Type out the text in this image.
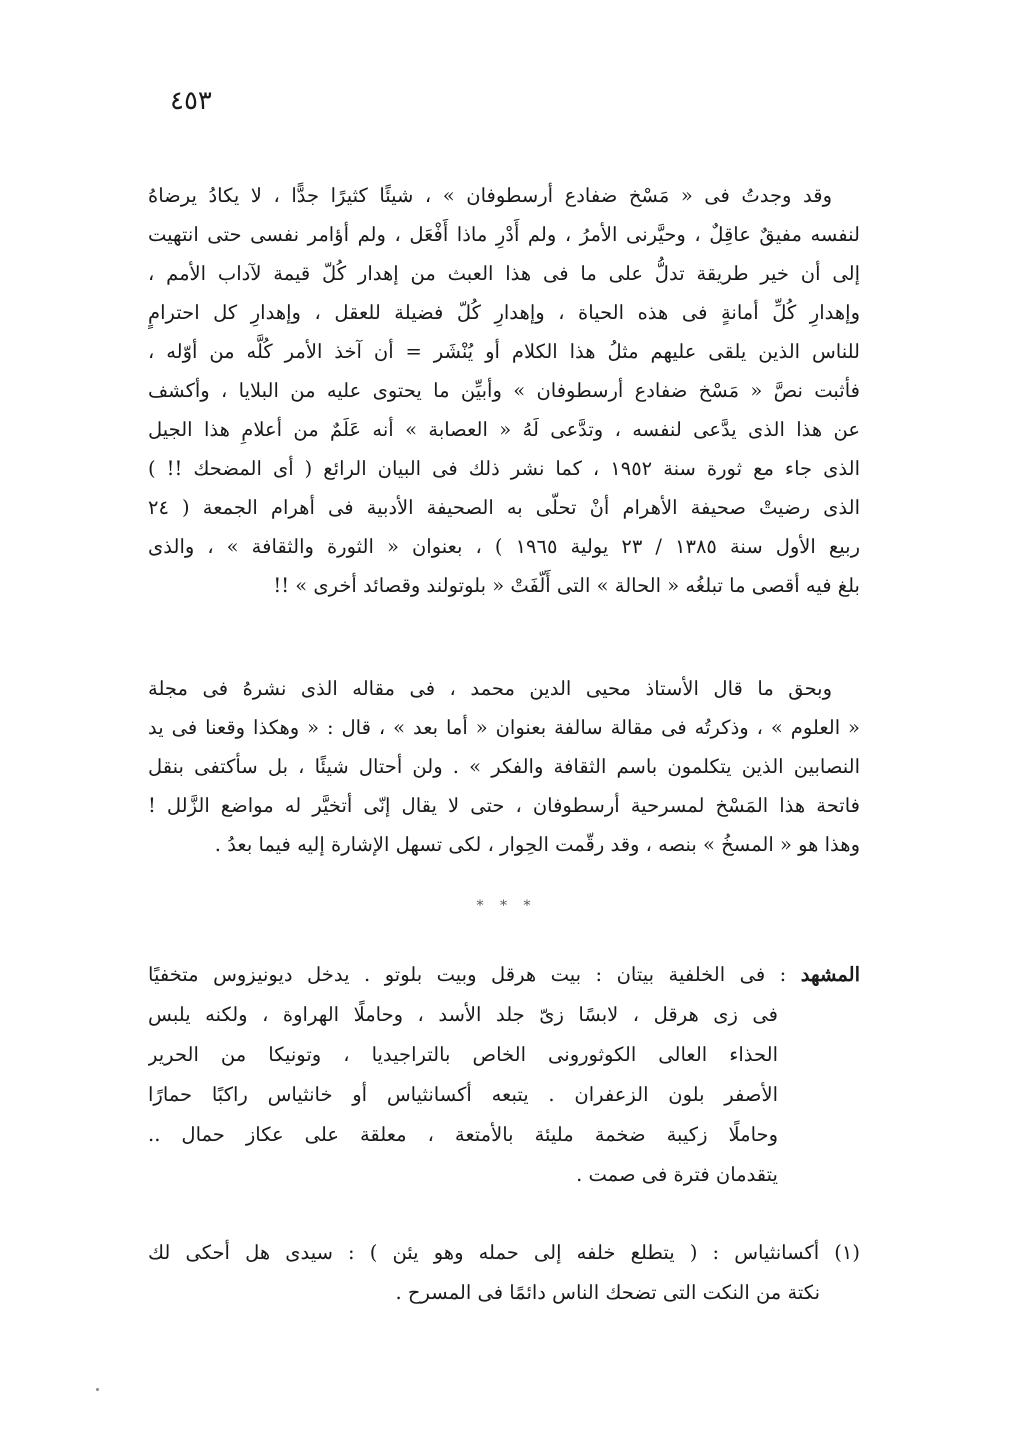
٤٥٣
وقد وجدتُ فى « مَسْخ ضفادع أرسطوفان » ، شيئًا كثيرًا جدًّا ، لا يكادُ يرضاهُ
لنفسه مفيقٌ عاقِلٌ ، وحيَّرنى الأمرُ ، ولم أَدْرِ ماذا أَفْعَل ، ولم أؤامر نفسى حتى انتهيت
إلى أن خير طريقة تدلُّ على ما فى هذا العبث من إهدار كُلّ قيمة لآداب الأمم ،
وإهدارِ كُلِّ أمانةٍ فى هذه الحياة ، وإهدارِ كُلّ فضيلة للعقل ، وإهدارِ كل احترامٍ
للناس الذين يلقى عليهم مثلُ هذا الكلام أو يُنْشَر = أن آخذ الأمر كُلَّه من أوّله ،
فأثبت نصَّ « مَسْخ ضفادع أرسطوفان » وأبيِّن ما يحتوى عليه من البلايا ، وأكشف
عن هذا الذى يدَّعى لنفسه ، وتدَّعى لَهُ « العصابة » أنه عَلَمٌ من أعلامِ هذا الجيل
الذى جاء مع ثورة سنة ١٩٥٢ ، كما نشر ذلك فى البيان الرائع ( أى المضحك !! )
الذى رضيتْ صحيفة الأهرام أنْ تحلّى به الصحيفة الأدبية فى أهرام الجمعة ( ٢٤
ربيع الأول سنة ١٣٨٥ / ٢٣ يولية ١٩٦٥ ) ، بعنوان « الثورة والثقافة » ، والذى
بلغ فيه أقصى ما تبلغُه « الحالة » التى أَلّفَتْ « بلوتولند وقصائد أخرى » !!
وبحق ما قال الأستاذ محيى الدين محمد ، فى مقاله الذى نشرهُ فى مجلة
« العلوم » ، وذكرتُه فى مقالة سالفة بعنوان « أما بعد » ، قال : « وهكذا وقعنا فى يد
النصابين الذين يتكلمون باسم الثقافة والفكر » . ولن أحتال شيئًا ، بل سأكتفى بنقل
فاتحة هذا المَسْخ لمسرحية أرسطوفان ، حتى لا يقال إنّى أتخيَّر له مواضع الزَّلل !
وهذا هو « المسخُ » بنصه ، وقد رقّمت الحِوار ، لكى تسهل الإشارة إليه فيما بعدُ .
* * *
المشهد : فى الخلفية بيتان : بيت هرقل وبيت بلوتو . يدخل ديونيزوس متخفيًا
فى زى هرقل ، لابسًا زىّ جلد الأسد ، وحاملًا الهراوة ، ولكنه يلبس
الحذاء العالى الكوثورونى الخاص بالتراجيديا ، وتونيكا من الحرير
الأصفر بلون الزعفران . يتبعه أكسانثياس أو خانثياس راكبًا حمارًا
وحاملًا زكيبة ضخمة مليئة بالأمتعة ، معلقة على عكاز حمال ..
يتقدمان فترة فى صمت .
(١) أكسانثياس : ( يتطلع خلفه إلى حمله وهو يئن ) : سيدى هل أحكى لك
نكتة من النكت التى تضحك الناس دائمًا فى المسرح .
